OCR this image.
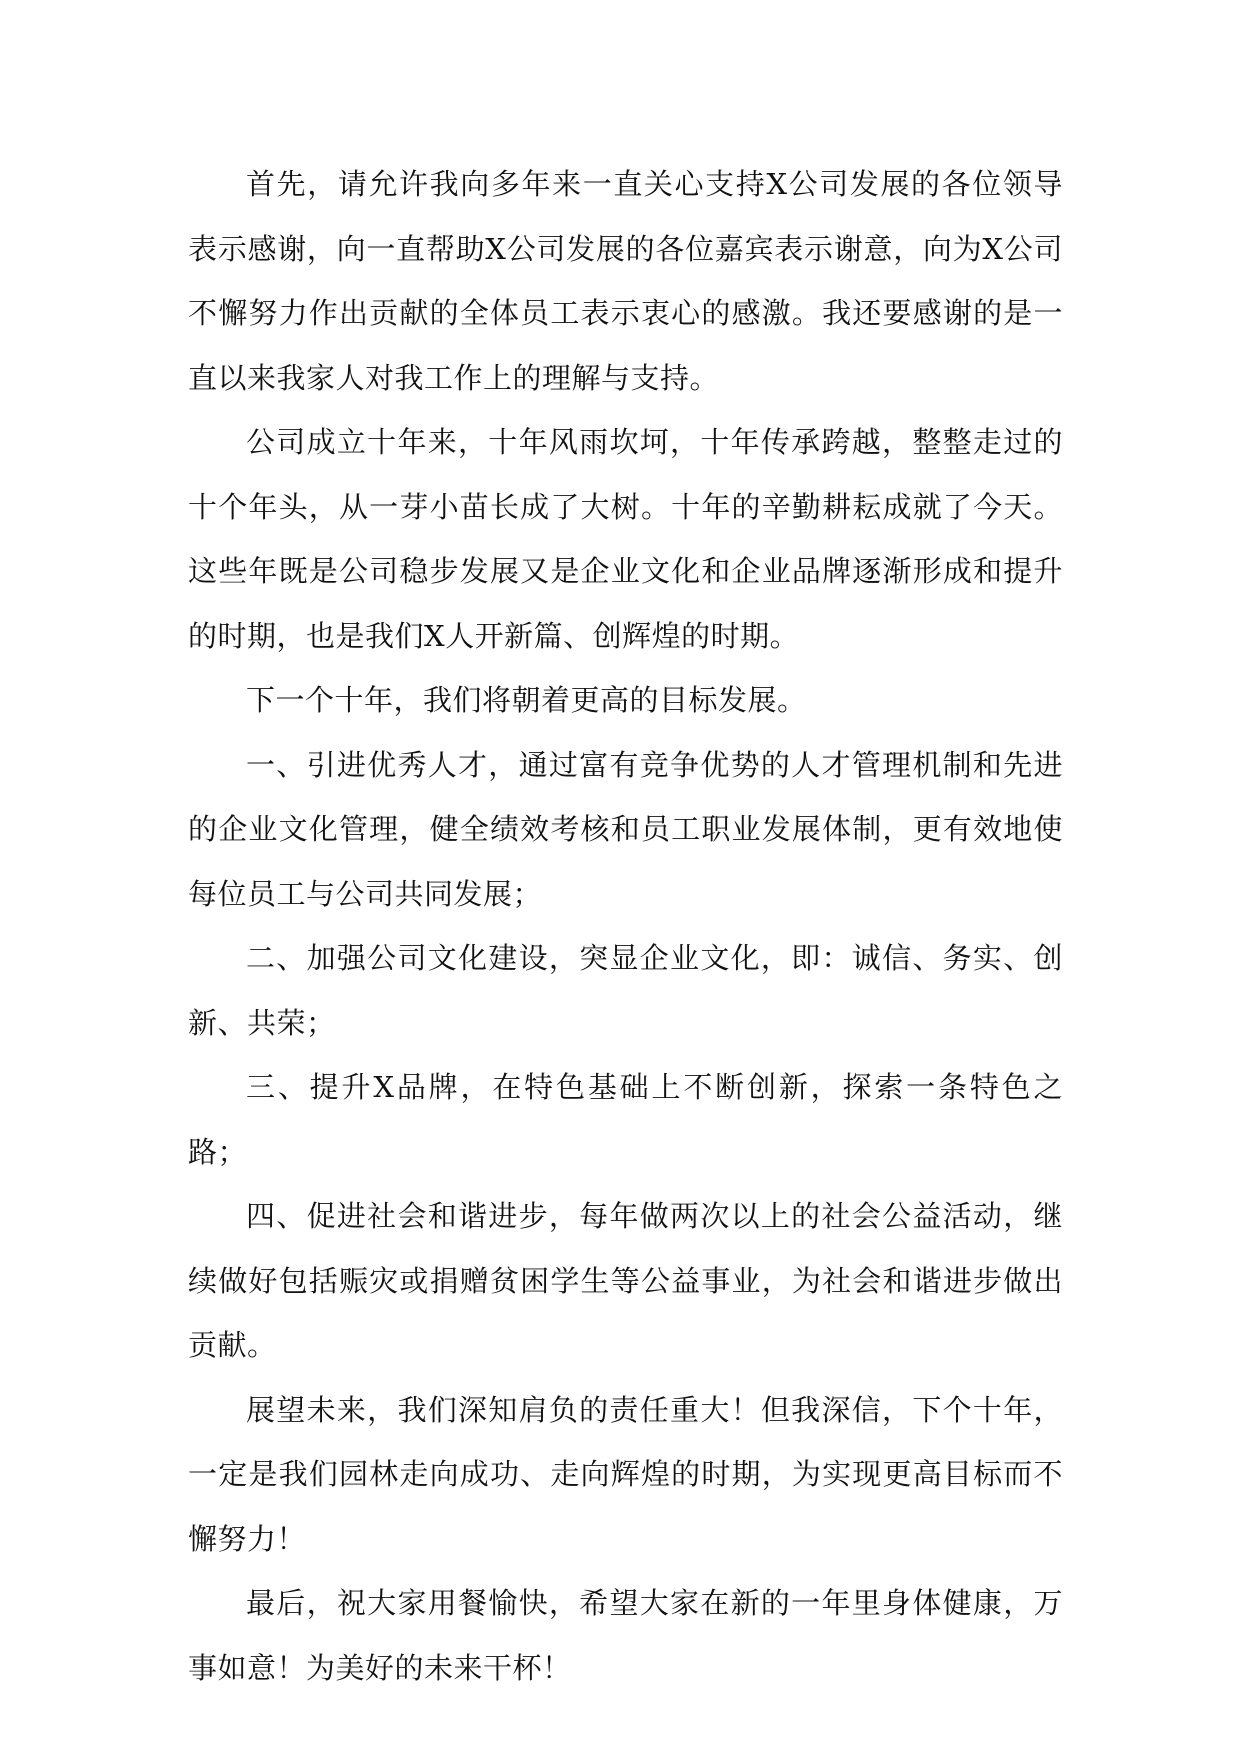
首先，请允许我向多年来一直关心支持X公司发展的各位领导表示感谢，向一直帮助X公司发展的各位嘉宾表示谢意，向为X公司不懈努力作出贡献的全体员工表示衷心的感激。我还要感谢的是一直以来我家人对我工作上的理解与支持。

公司成立十年来，十年风雨坎坷，十年传承跨越，整整走过的十个年头，从一芽小苗长成了大树。十年的辛勤耕耘成就了今天。这些年既是公司稳步发展又是企业文化和企业品牌逐渐形成和提升的时期，也是我们X人开新篇、创辉煌的时期。

下一个十年，我们将朝着更高的目标发展。

一、引进优秀人才，通过富有竞争优势的人才管理机制和先进的企业文化管理，健全绩效考核和员工职业发展体制，更有效地使每位员工与公司共同发展；

二、加强公司文化建设，突显企业文化，即：诚信、务实、创新、共荣；

三、提升X品牌，在特色基础上不断创新，探索一条特色之路；

四、促进社会和谐进步，每年做两次以上的社会公益活动，继续做好包括赈灾或捐赠贫困学生等公益事业，为社会和谐进步做出贡献。

展望未来，我们深知肩负的责任重大！但我深信，下个十年，一定是我们园林走向成功、走向辉煌的时期，为实现更高目标而不懈努力！

最后，祝大家用餐愉快，希望大家在新的一年里身体健康，万事如意！为美好的未来干杯！
